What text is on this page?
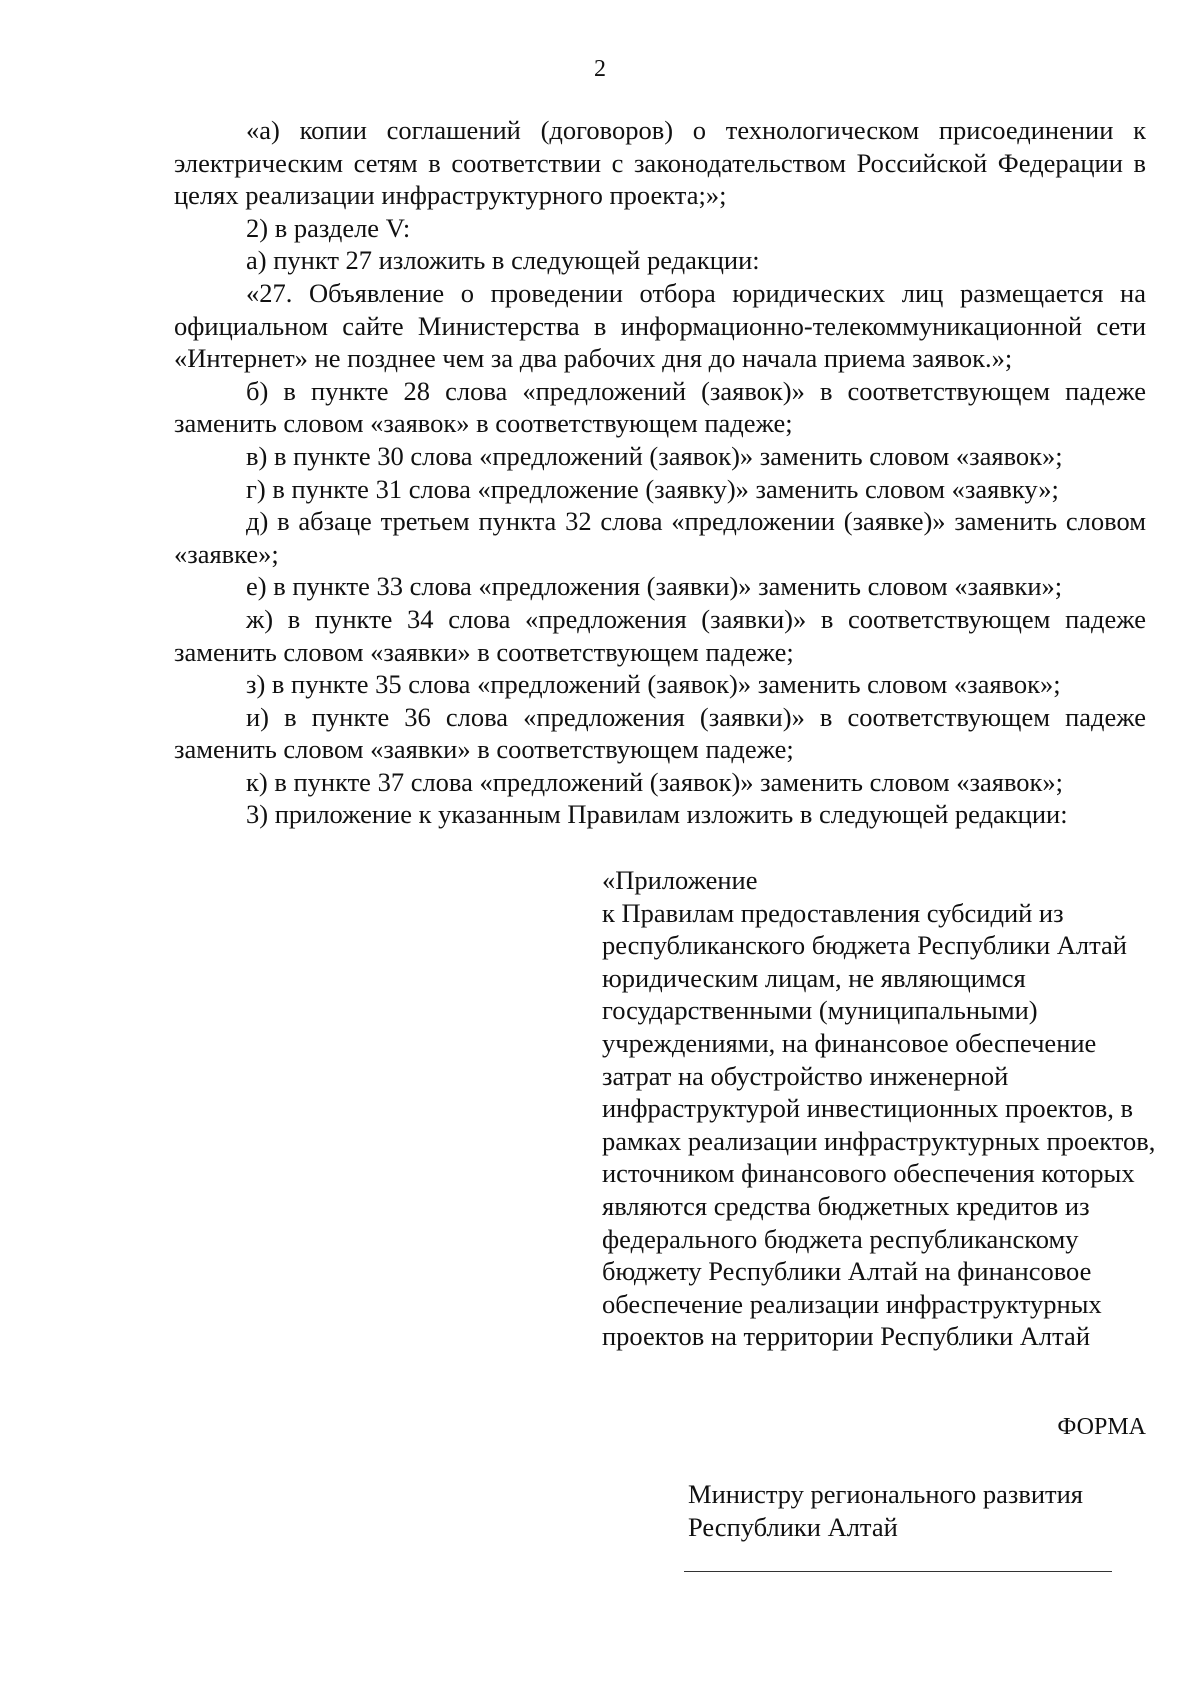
2

«а) копии соглашений (договоров) о технологическом присоединении к электрическим сетям в соответствии с законодательством Российской Федерации в целях реализации инфраструктурного проекта;»;

2) в разделе V:

а) пункт 27 изложить в следующей редакции:

«27. Объявление о проведении отбора юридических лиц размещается на официальном сайте Министерства в информационно-телекоммуникационной сети «Интернет» не позднее чем за два рабочих дня до начала приема заявок.»;

б) в пункте 28 слова «предложений (заявок)» в соответствующем падеже заменить словом «заявок» в соответствующем падеже;

в) в пункте 30 слова «предложений (заявок)» заменить словом «заявок»;

г) в пункте 31 слова «предложение (заявку)» заменить словом «заявку»;

д) в абзаце третьем пункта 32 слова «предложении (заявке)» заменить словом «заявке»;

е) в пункте 33 слова «предложения (заявки)» заменить словом «заявки»;

ж) в пункте 34 слова «предложения (заявки)» в соответствующем падеже заменить словом «заявки» в соответствующем падеже;

з) в пункте 35 слова «предложений (заявок)» заменить словом «заявок»;

и) в пункте 36 слова «предложения (заявки)» в соответствующем падеже заменить словом «заявки» в соответствующем падеже;

к) в пункте 37 слова «предложений (заявок)» заменить словом «заявок»;

3) приложение к указанным Правилам изложить в следующей редакции:

«Приложение

к Правилам предоставления субсидий из республиканского бюджета Республики Алтай юридическим лицам, не являющимся государственными (муниципальными) учреждениями, на финансовое обеспечение затрат на обустройство инженерной инфраструктурой инвестиционных проектов, в рамках реализации инфраструктурных проектов, источником финансового обеспечения которых являются средства бюджетных кредитов из федерального бюджета республиканскому бюджету Республики Алтай на финансовое обеспечение реализации инфраструктурных проектов на территории Республики Алтай

ФОРМА

Министру регионального развития

Республики Алтай
